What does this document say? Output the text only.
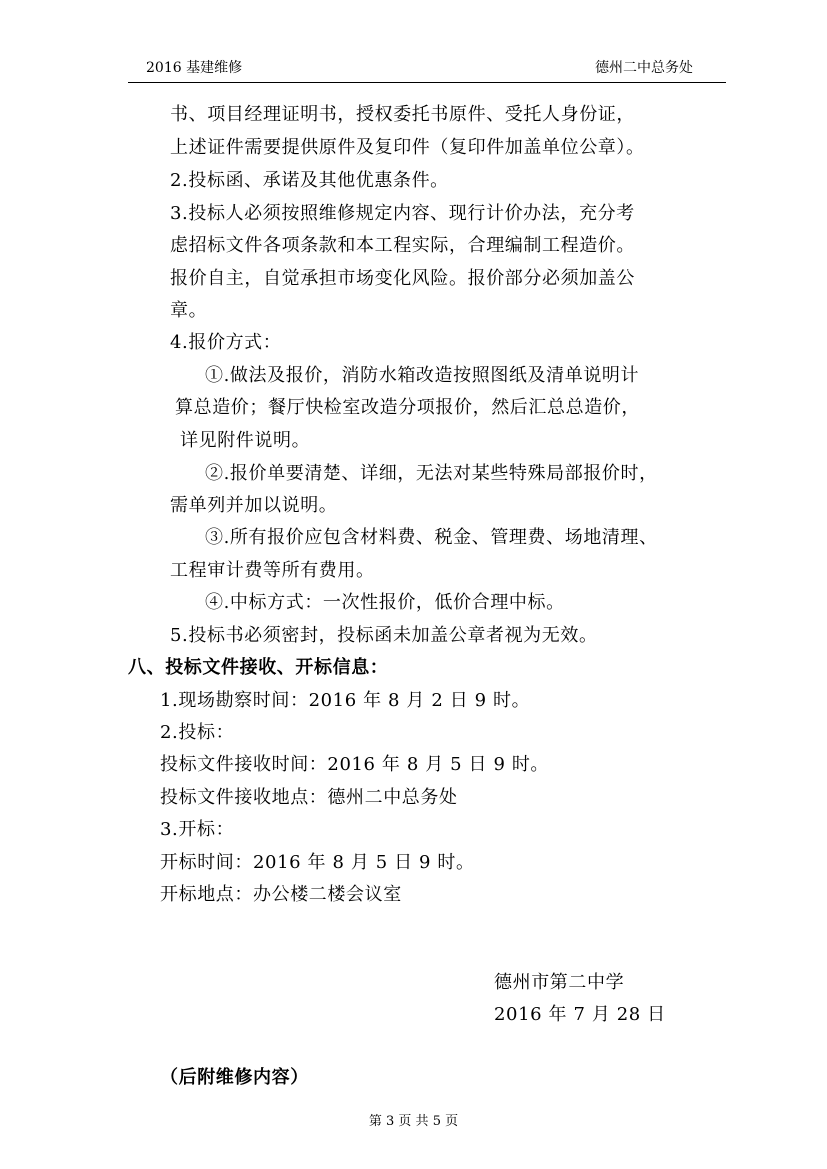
2016 基建维修	德州二中总务处
书、项目经理证明书，授权委托书原件、受托人身份证，
上述证件需要提供原件及复印件（复印件加盖单位公章）。
2.投标函、承诺及其他优惠条件。
3.投标人必须按照维修规定内容、现行计价办法，充分考
虑招标文件各项条款和本工程实际，合理编制工程造价。
报价自主，自觉承担市场变化风险。报价部分必须加盖公
章。
4.报价方式：
①.做法及报价，消防水箱改造按照图纸及清单说明计
算总造价；餐厅快检室改造分项报价，然后汇总总造价，
详见附件说明。
②.报价单要清楚、详细，无法对某些特殊局部报价时，
需单列并加以说明。
③.所有报价应包含材料费、税金、管理费、场地清理、
工程审计费等所有费用。
④.中标方式：一次性报价，低价合理中标。
5.投标书必须密封，投标函未加盖公章者视为无效。
八、投标文件接收、开标信息：
1.现场勘察时间：2016 年 8 月 2 日 9 时。
2.投标：
投标文件接收时间：2016 年 8 月 5 日 9 时。
投标文件接收地点：德州二中总务处
3.开标：
开标时间：2016 年 8 月 5 日 9 时。
开标地点：办公楼二楼会议室
德州市第二中学
2016 年 7 月 28 日
（后附维修内容）
第 3 页 共 5 页
